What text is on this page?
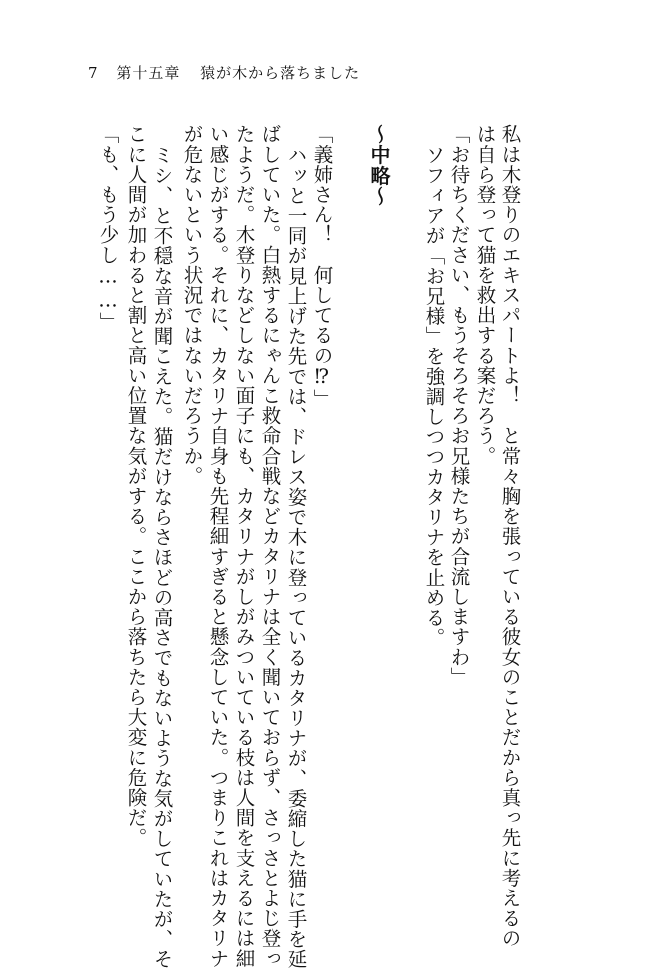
7 第十五章 猿が木から落ちました
私は木登りのエキスパートよ！　と常々胸を張っている彼女のことだから真っ先に考えるの
は自ら登って猫を救出する案だろう。
「お待ちください、もうそろそろお兄様たちが合流しますわ」
ソフィアが「お兄様」を強調しつつカタリナを止める。
〜中略〜
「義姉さん！　何してるの⁉」
ハッと一同が見上げた先では、ドレス姿で木に登っているカタリナが、委縮した猫に手を延
ばしていた。白熱するにゃんこ救命合戦などカタリナは全く聞いておらず、さっさとよじ登っ
たようだ。木登りなどしない面子にも、カタリナがしがみついている枝は人間を支えるには細
い感じがする。それに、カタリナ自身も先程細すぎると懸念していた。つまりこれはカタリナ
が危ないという状況ではないだろうか。
ミシ、と不穏な音が聞こえた。猫だけならさほどの高さでもないような気がしていたが、そ
こに人間が加わると割と高い位置な気がする。ここから落ちたら大変に危険だ。
「も、もう少し……」
